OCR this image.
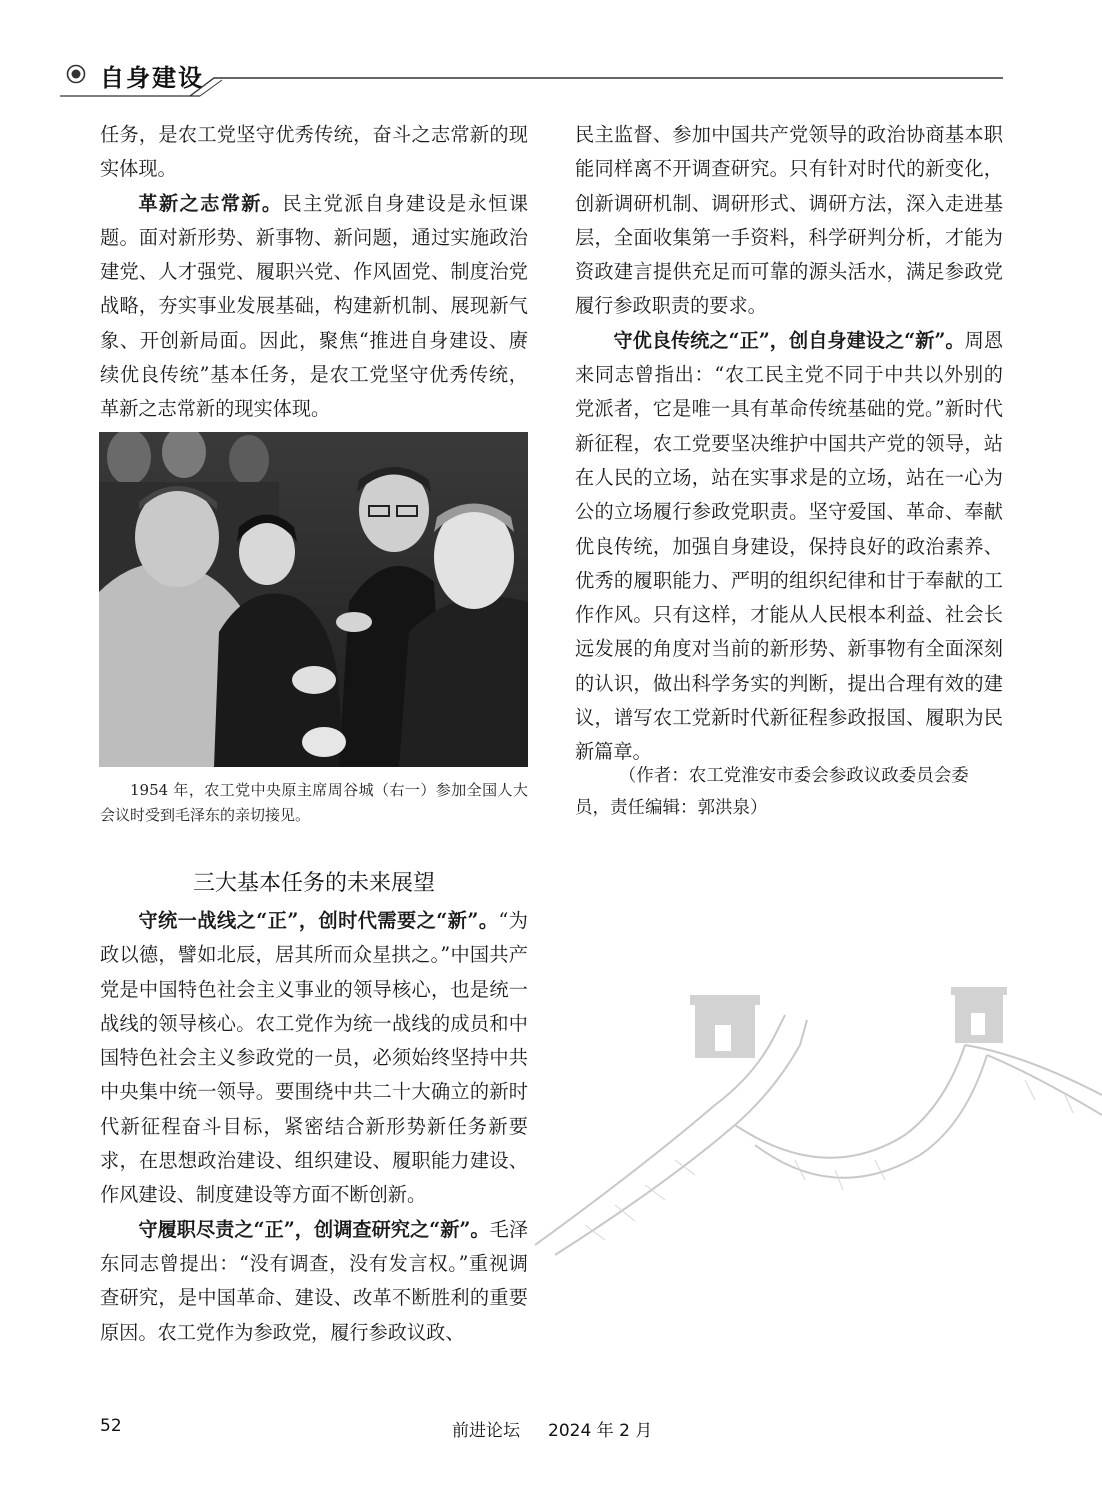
自身建设

任务，是农工党坚守优秀传统，奋斗之志常新的现实体现。

革新之志常新。民主党派自身建设是永恒课题。面对新形势、新事物、新问题，通过实施政治建党、人才强党、履职兴党、作风固党、制度治党战略，夯实事业发展基础，构建新机制、展现新气象、开创新局面。因此，聚焦“推进自身建设、赓续优良传统”基本任务，是农工党坚守优秀传统，革新之志常新的现实体现。

1954 年，农工党中央原主席周谷城（右一）参加全国人大会议时受到毛泽东的亲切接见。
三大基本任务的未来展望

守统一战线之“正”，创时代需要之“新”。“为政以德，譬如北辰，居其所而众星拱之。”中国共产党是中国特色社会主义事业的领导核心，也是统一战线的领导核心。农工党作为统一战线的成员和中国特色社会主义参政党的一员，必须始终坚持中共中央集中统一领导。要围绕中共二十大确立的新时代新征程奋斗目标，紧密结合新形势新任务新要求，在思想政治建设、组织建设、履职能力建设、作风建设、制度建设等方面不断创新。

守履职尽责之“正”，创调查研究之“新”。毛泽东同志曾提出：“没有调查，没有发言权。”重视调查研究，是中国革命、建设、改革不断胜利的重要原因。农工党作为参政党，履行参政议政、

民主监督、参加中国共产党领导的政治协商基本职能同样离不开调查研究。只有针对时代的新变化，创新调研机制、调研形式、调研方法，深入走进基层，全面收集第一手资料，科学研判分析，才能为资政建言提供充足而可靠的源头活水，满足参政党履行参政职责的要求。

守优良传统之“正”，创自身建设之“新”。周恩来同志曾指出：“农工民主党不同于中共以外别的党派者，它是唯一具有革命传统基础的党。”新时代新征程，农工党要坚决维护中国共产党的领导，站在人民的立场，站在实事求是的立场，站在一心为公的立场履行参政党职责。坚守爱国、革命、奉献优良传统，加强自身建设，保持良好的政治素养、优秀的履职能力、严明的组织纪律和甘于奉献的工作作风。只有这样，才能从人民根本利益、社会长远发展的角度对当前的新形势、新事物有全面深刻的认识，做出科学务实的判断，提出合理有效的建议，谱写农工党新时代新征程参政报国、履职为民新篇章。

（作者：农工党淮安市委会参政议政委员会委员，责任编辑：郭洪泉）
52	前进论坛 2024 年 2 月
